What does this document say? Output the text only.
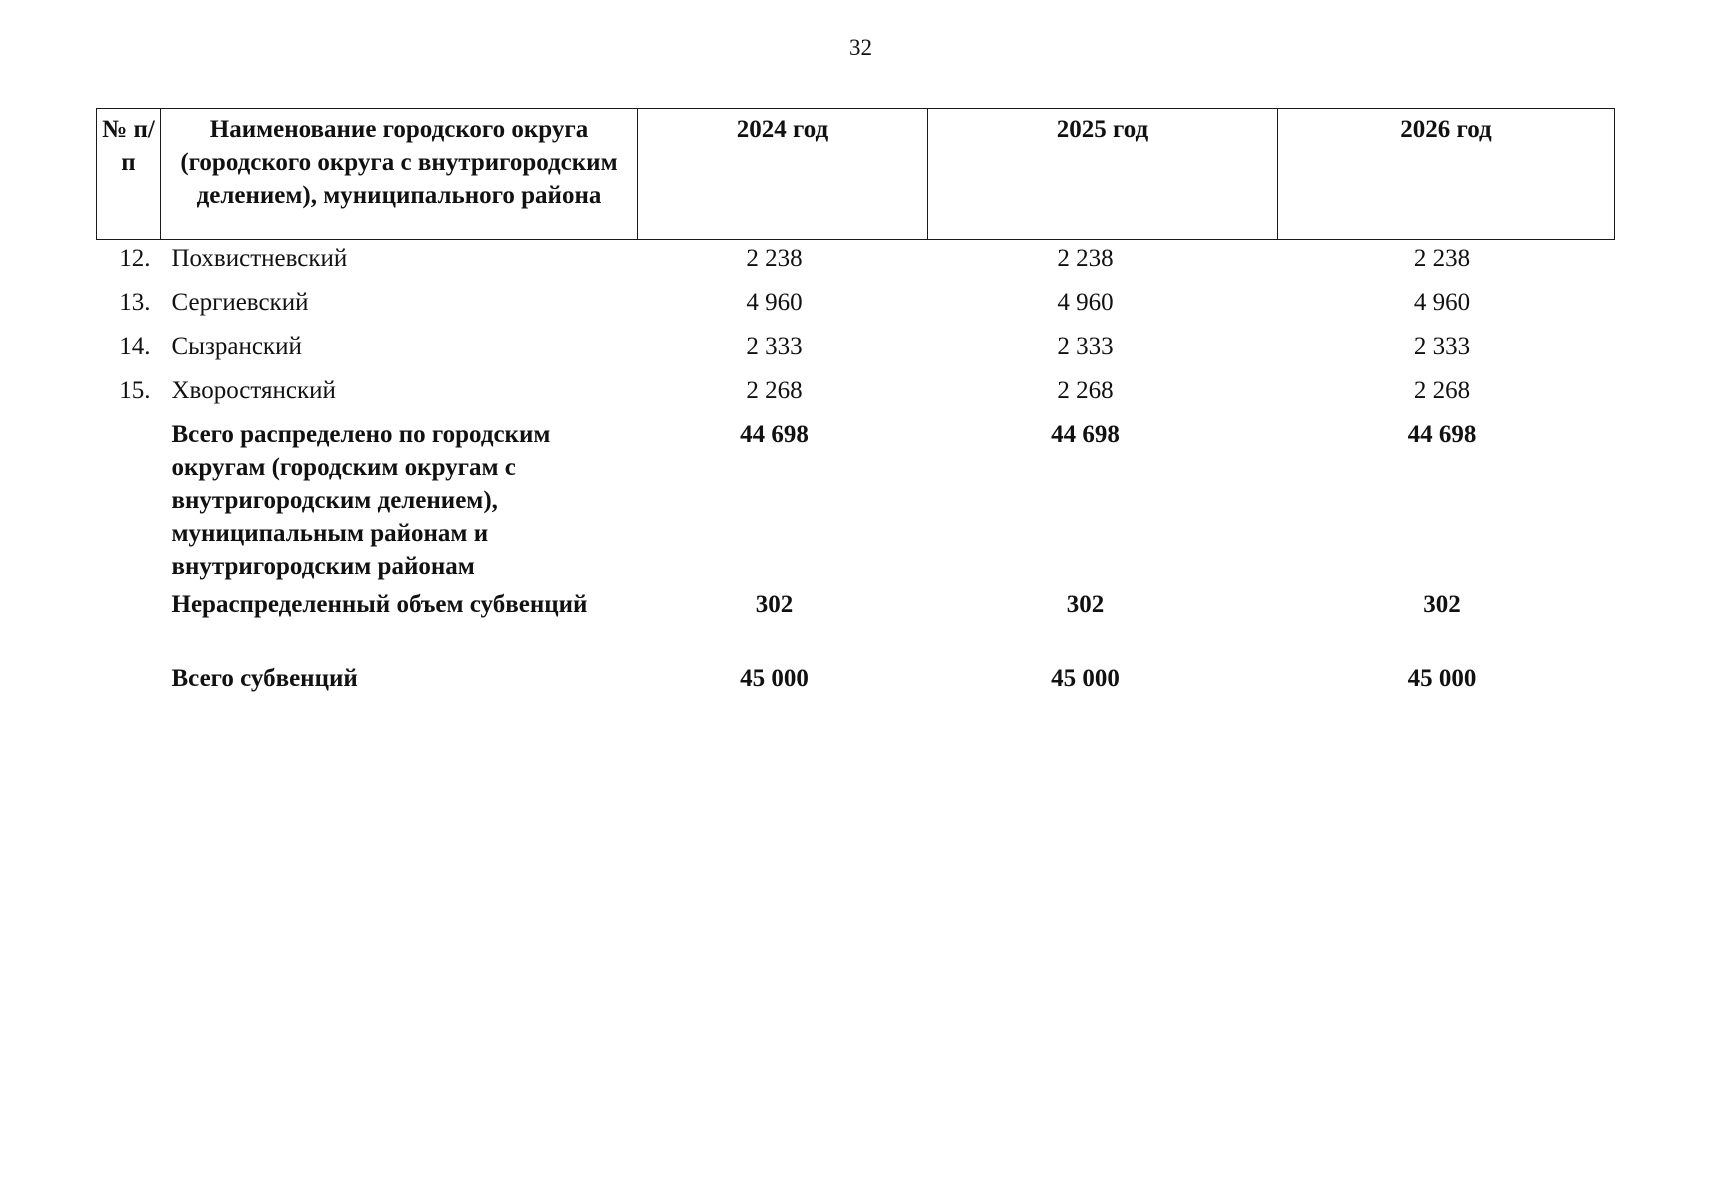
32
№ п/п	Наименование городского округа (городского округа с внутригородским делением), муниципального района	2024 год	2025 год	2026 год
12.	Похвистневский	2 238	2 238	2 238
13.	Сергиевский	4 960	4 960	4 960
14.	Сызранский	2 333	2 333	2 333
15.	Хворостянский	2 268	2 268	2 268
	Всего распределено по городским округам (городским округам с внутригородским делением), муниципальным районам и внутригородским районам	44 698	44 698	44 698
	Нераспределенный объем субвенций	302	302	302
	Всего субвенций	45 000	45 000	45 000
